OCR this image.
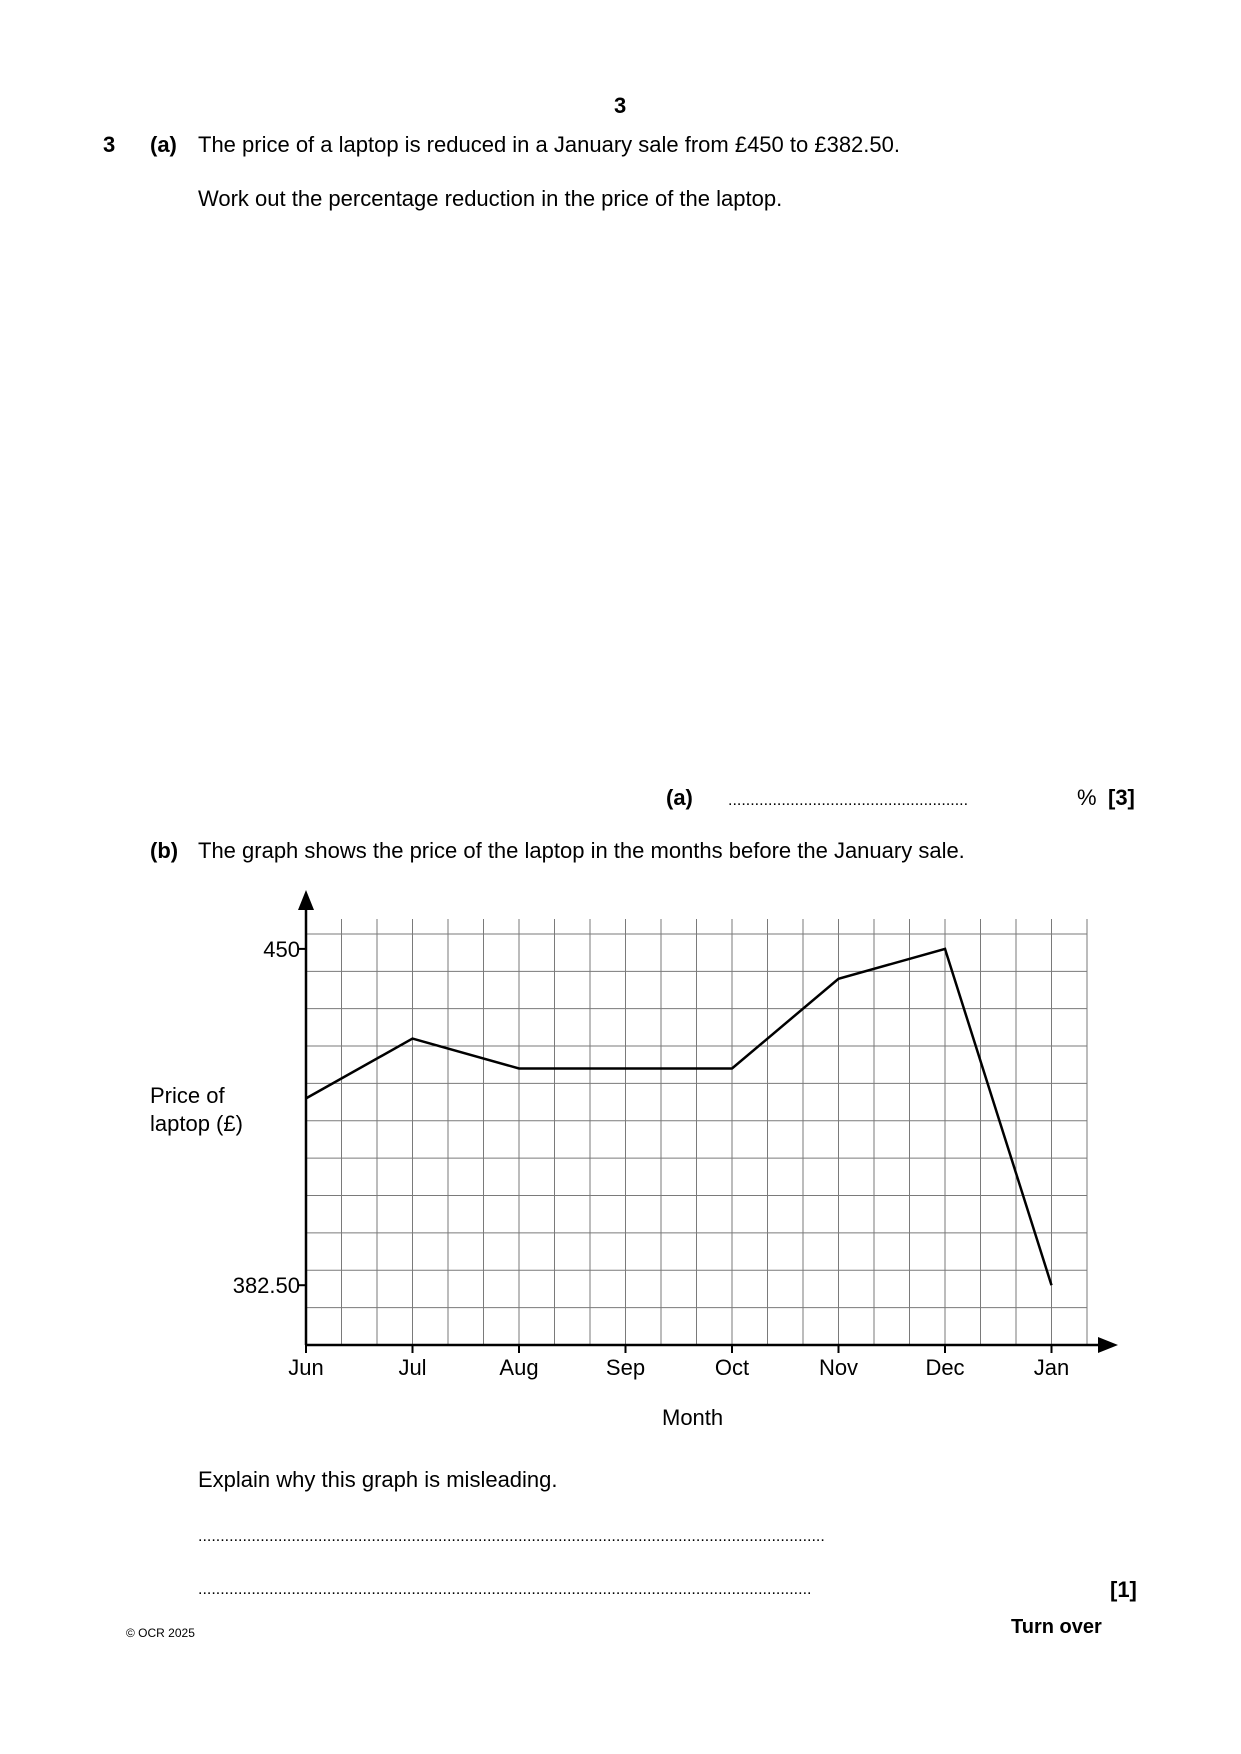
3
3 (a) The price of a laptop is reduced in a January sale from £450 to £382.50.
Work out the percentage reduction in the price of the laptop.
(a) ......................................................	% [3]
(b) The graph shows the price of the laptop in the months before the January sale.
Jun	Jul	Aug	Sep	Oct	Nov	Dec	Jan
450
382.50
Price of
laptop (£)
Month
Explain why this graph is misleading.
.............................................................................................................................................
..........................................................................................................................................	[1]
© OCR 2025	Turn over
